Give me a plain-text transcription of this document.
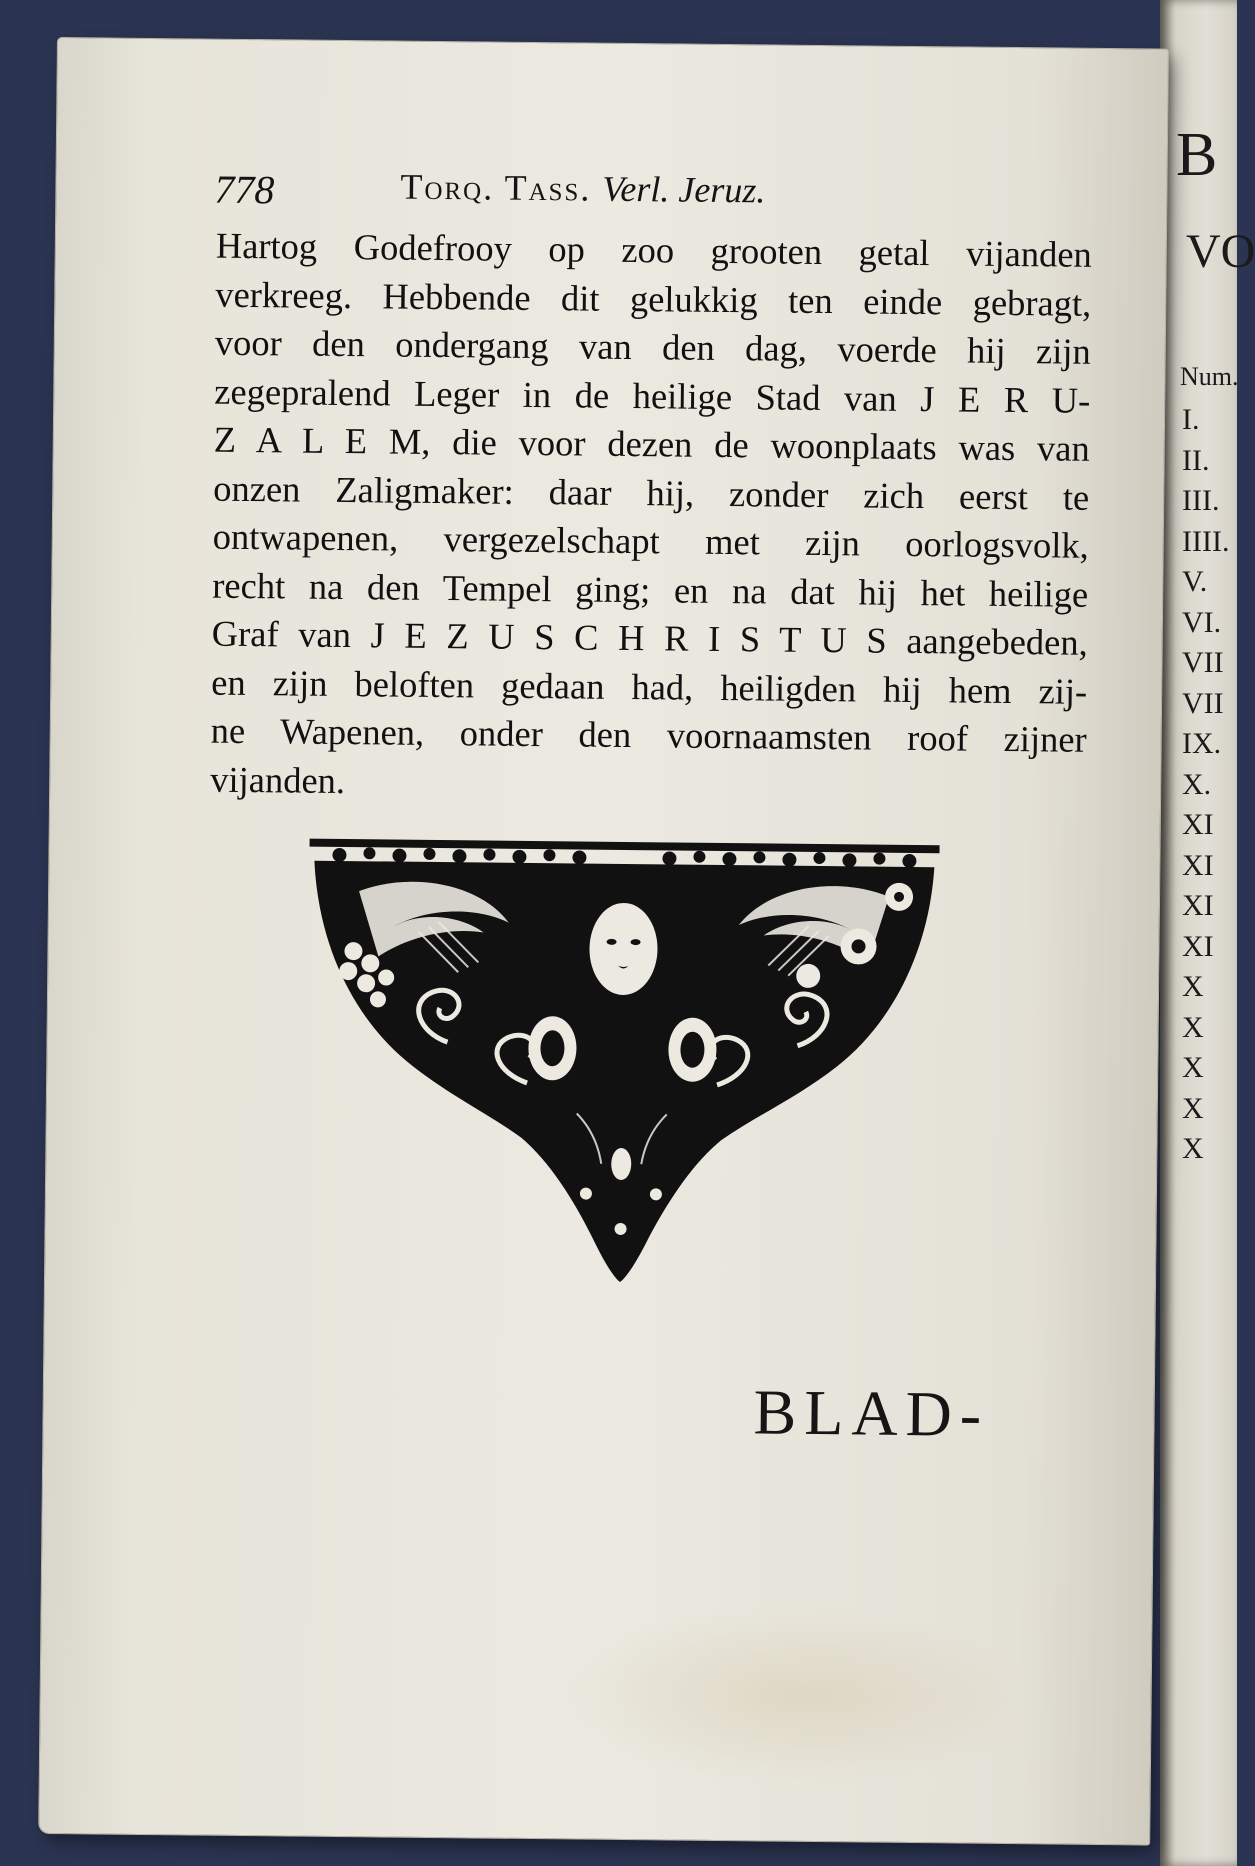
B
VO
Num.
I.
II.
III.
IIII.
V.
VI.
VII
VII
IX.
X.
XI
XI
XI
XI
X
X
X
X
X
778	Torq. Tass. Verl. Jeruz.
Hartog Godefrooy op zoo grooten getal vijanden
verkreeg. Hebbende dit gelukkig ten einde gebragt,
voor den ondergang van den dag, voerde hij zijn
zegepralend Leger in de heilige Stad van J E R U-
Z A L E M, die voor dezen de woonplaats was van
onzen Zaligmaker: daar hij, zonder zich eerst te
ontwapenen, vergezelschapt met zijn oorlogsvolk,
recht na den Tempel ging; en na dat hij het heilige
Graf van J E Z U S C H R I S T U S aangebeden,
en zijn beloften gedaan had, heiligden hij hem zij-
ne Wapenen, onder den voornaamsten roof zijner
vijanden.
BLAD-
